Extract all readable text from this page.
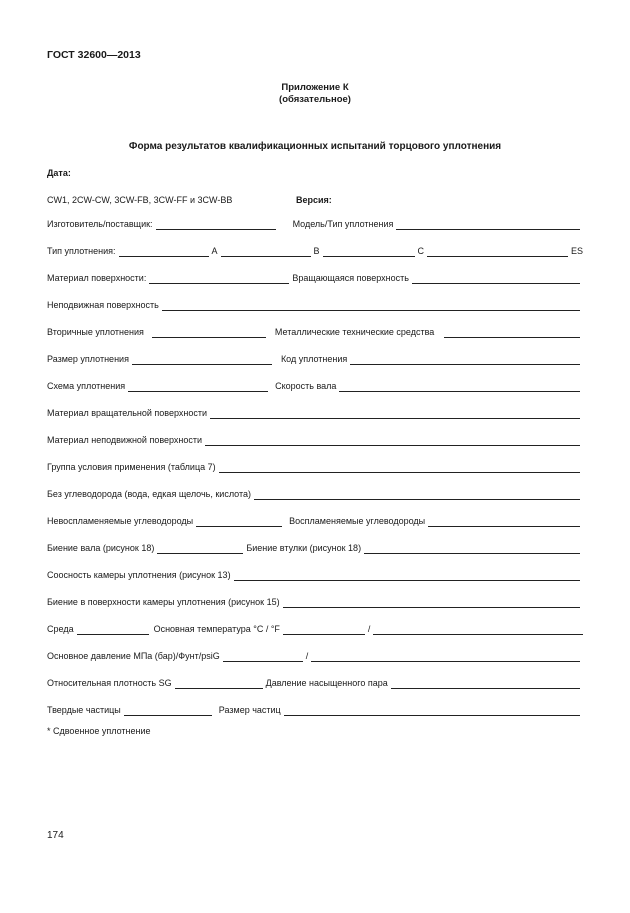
ГОСТ 32600—2013
Приложение К
(обязательное)
Форма результатов квалификационных испытаний торцового уплотнения
Дата:
CW1, 2CW-CW, 3CW-FB, 3CW-FF и 3CW-BB	Версия:
Изготовитель/поставщик:	Модель/Тип уплотнения
Тип уплотнения:	A	B	C	ES
Материал поверхности:	Вращающаяся поверхность
Неподвижная поверхность
Вторичные уплотнения	Металлические технические средства
Размер уплотнения	Код уплотнения
Схема уплотнения	Скорость вала
Материал вращательной поверхности
Материал неподвижной поверхности
Группа условия применения (таблица 7)
Без углеводорода (вода, едкая щелочь, кислота)
Невоспламеняемые углеводороды	Воспламеняемые углеводороды
Биение вала (рисунок 18)	Биение втулки (рисунок 18)
Соосность камеры уплотнения (рисунок 13)
Биение в поверхности камеры уплотнения (рисунок 15)
Среда	Основная температура °C / °F	/
Основное давление МПа (бар)/Фунт/psiG	/
Относительная плотность SG	Давление насыщенного пара
Твердые частицы	Размер частиц
* Сдвоенное уплотнение
174
